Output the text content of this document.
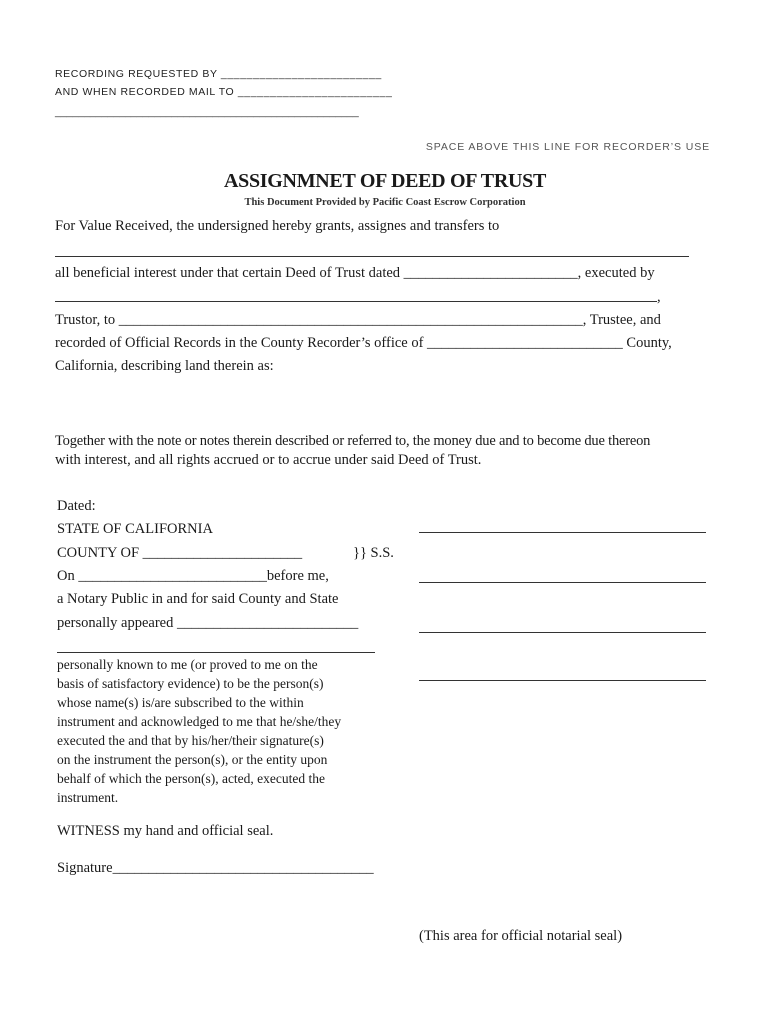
RECORDING REQUESTED BY _________________________
AND WHEN RECORDED MAIL TO ________________________
____________________________________________________
SPACE ABOVE THIS LINE FOR RECORDER’S USE
ASSIGNMNET OF DEED OF TRUST
This Document Provided by Pacific Coast Escrow Corporation
For Value Received, the undersigned hereby grants, assignes and transfers to
all beneficial interest under that certain Deed of Trust dated ________________________, executed by
,
Trustor, to ________________________________________________________________, Trustee, and
recorded of Official Records in the County Recorder’s office of ___________________________ County,
California, describing land therein as:
Together with the note or notes therein described or referred to, the money due and to become due thereon
with interest, and all rights accrued or to accrue under said Deed of Trust.
Dated:
STATE OF CALIFORNIA
COUNTY OF ______________________	}} S.S.
On __________________________before me,
a Notary Public in and for said County and State
personally appeared _________________________
personally known to me (or proved to me on the
basis of satisfactory evidence) to be the person(s)
whose name(s) is/are subscribed to the within
instrument and acknowledged to me that he/she/they
executed the and that by his/her/their signature(s)
on the instrument the person(s), or the entity upon
behalf of which the person(s), acted, executed the
instrument.
WITNESS my hand and official seal.
Signature____________________________________
(This area for official notarial seal)
